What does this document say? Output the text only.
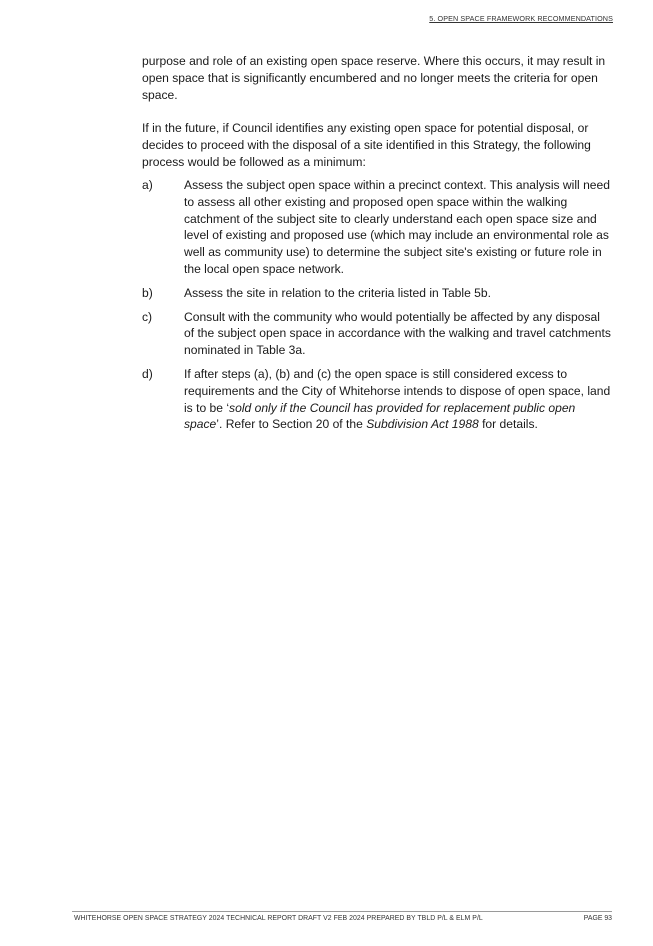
5. OPEN SPACE FRAMEWORK RECOMMENDATIONS

purpose and role of an existing open space reserve. Where this occurs, it may result in open space that is significantly encumbered and no longer meets the criteria for open space.

If in the future, if Council identifies any existing open space for potential disposal, or decides to proceed with the disposal of a site identified in this Strategy, the following process would be followed as a minimum:

a)	Assess the subject open space within a precinct context. This analysis will need to assess all other existing and proposed open space within the walking catchment of the subject site to clearly understand each open space size and level of existing and proposed use (which may include an environmental role as well as community use) to determine the subject site's existing or future role in the local open space network.
b)	Assess the site in relation to the criteria listed in Table 5b.
c)	Consult with the community who would potentially be affected by any disposal of the subject open space in accordance with the walking and travel catchments nominated in Table 3a.
d)	If after steps (a), (b) and (c) the open space is still considered excess to requirements and the City of Whitehorse intends to dispose of open space, land is to be ‘sold only if the Council has provided for replacement public open space’. Refer to Section 20 of the Subdivision Act 1988 for details.
WHITEHORSE OPEN SPACE STRATEGY 2024 TECHNICAL REPORT DRAFT V2 FEB 2024 PREPARED BY TBLD P/L & ELM P/L	PAGE 93
